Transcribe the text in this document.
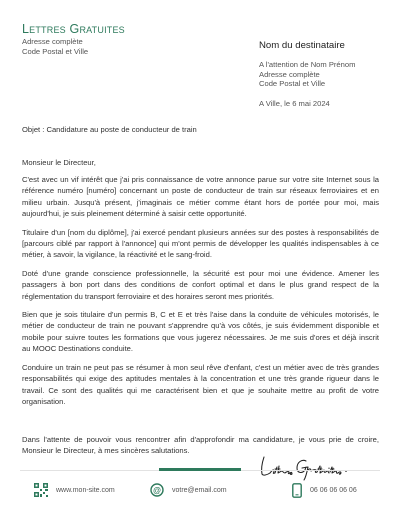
Lettres Gratuites
Adresse complète
Code Postal et Ville	Nom du destinataire
A l'attention de Nom Prénom
Adresse complète
Code Postal et Ville
A Ville, le 6 mai 2024
Objet : Candidature au poste de conducteur de train
Monsieur le Directeur,

C'est avec un vif intérêt que j'ai pris connaissance de votre annonce parue sur votre site Internet sous la référence numéro [numéro] concernant un poste de conducteur de train sur réseaux ferroviaires et en milieu urbain. Jusqu'à présent, j'imaginais ce métier comme étant hors de portée pour moi, mais aujourd'hui, je suis pleinement déterminé à saisir cette opportunité.

Titulaire d'un [nom du diplôme], j'ai exercé pendant plusieurs années sur des postes à responsabilités de [parcours ciblé par rapport à l'annonce] qui m'ont permis de développer les qualités indispensables à ce métier, à savoir, la vigilance, la réactivité et le sang-froid.

Doté d'une grande conscience professionnelle, la sécurité est pour moi une évidence. Amener les passagers à bon port dans des conditions de confort optimal et dans le plus grand respect de la réglementation du transport ferroviaire et des horaires seront mes priorités.

Bien que je sois titulaire d'un permis B, C et E et très l'aise dans la conduite de véhicules motorisés, le métier de conducteur de train ne pouvant s'apprendre qu'à vos côtés, je suis évidemment disponible et mobile pour suivre toutes les formations que vous jugerez nécessaires. Je me suis d'ores et déjà inscrit au MOOC Destinations conduite.

Conduire un train ne peut pas se résumer à mon seul rêve d'enfant, c'est un métier avec de très grandes responsabilités qui exige des aptitudes mentales à la concentration et une très grande rigueur dans le travail. Ce sont des qualités qui me caractérisent bien et que je souhaite mettre au profit de votre organisation.

Dans l'attente de pouvoir vous rencontrer afin d'approfondir ma candidature, je vous prie de croire, Monsieur le Directeur, à mes sincères salutations.
www.mon-site.com	@ votre@email.com	06 06 06 06 06
